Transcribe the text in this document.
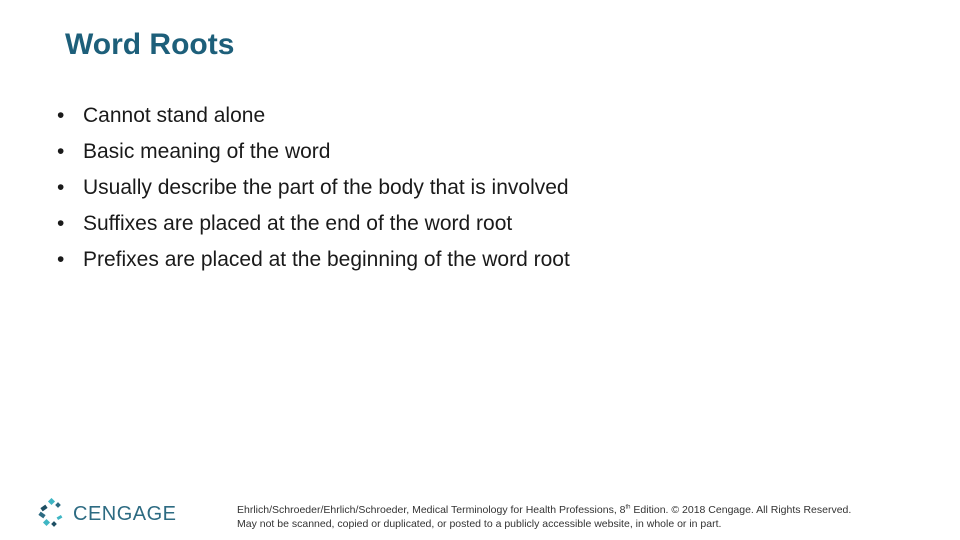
Word Roots
• Cannot stand alone
• Basic meaning of the word
• Usually describe the part of the body that is involved
• Suffixes are placed at the end of the word root
• Prefixes are placed at the beginning of the word root
CENGAGE	Ehrlich/Schroeder/Ehrlich/Schroeder, Medical Terminology for Health Professions, 8th Edition. © 2018 Cengage. All Rights Reserved.
May not be scanned, copied or duplicated, or posted to a publicly accessible website, in whole or in part.
